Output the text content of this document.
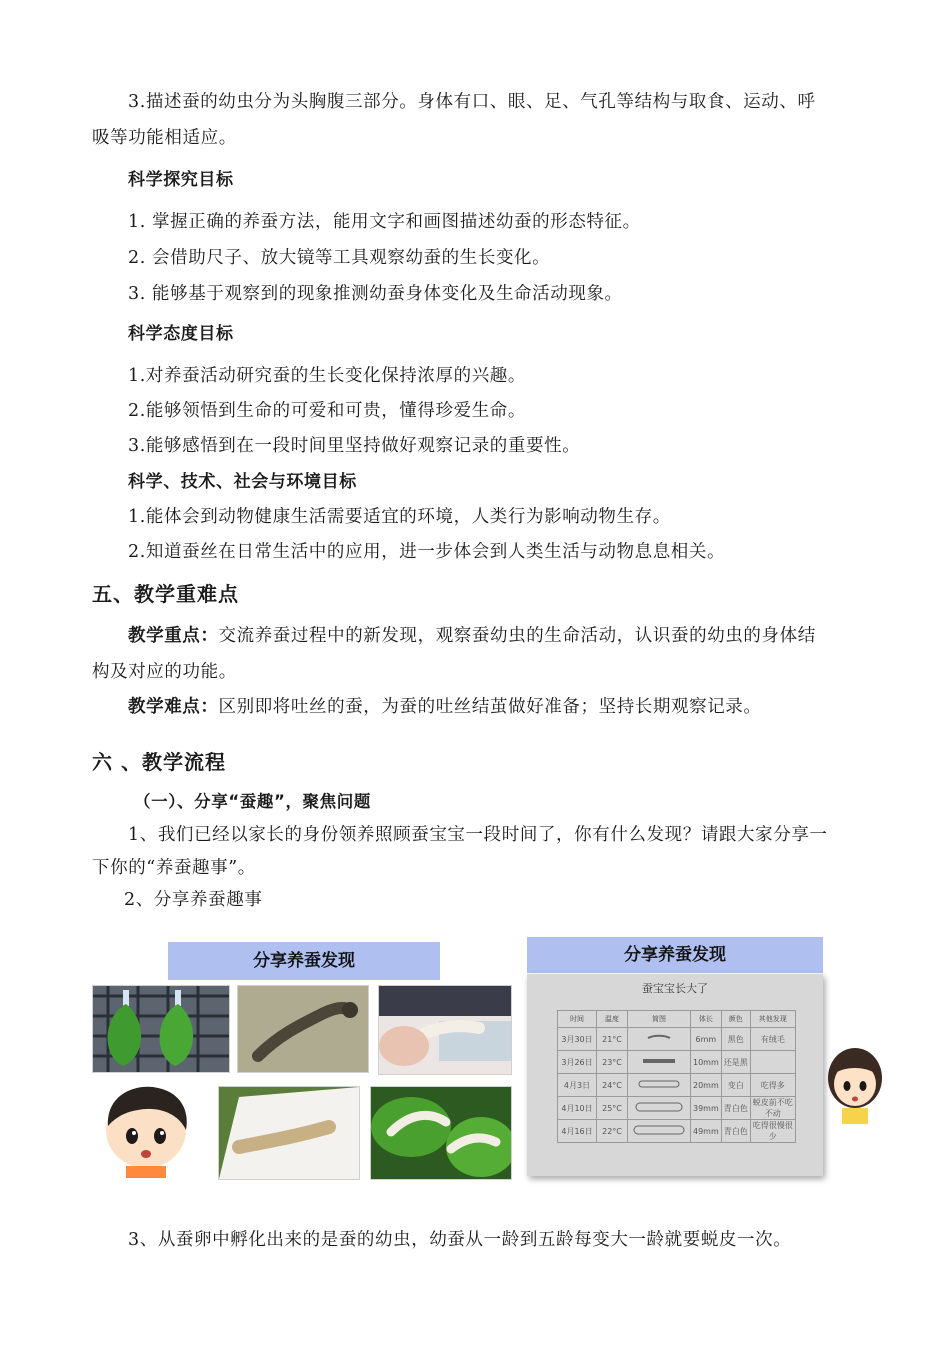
3.描述蚕的幼虫分为头胸腹三部分。身体有口、眼、足、气孔等结构与取食、运动、呼
吸等功能相适应。
科学探究目标
1. 掌握正确的养蚕方法，能用文字和画图描述幼蚕的形态特征。
2. 会借助尺子、放大镜等工具观察幼蚕的生长变化。
3. 能够基于观察到的现象推测幼蚕身体变化及生命活动现象。
科学态度目标
1.对养蚕活动研究蚕的生长变化保持浓厚的兴趣。
2.能够领悟到生命的可爱和可贵，懂得珍爱生命。
3.能够感悟到在一段时间里坚持做好观察记录的重要性。
科学、技术、社会与环境目标
1.能体会到动物健康生活需要适宜的环境，人类行为影响动物生存。
2.知道蚕丝在日常生活中的应用，进一步体会到人类生活与动物息息相关。
五、教学重难点
教学重点：交流养蚕过程中的新发现，观察蚕幼虫的生命活动，认识蚕的幼虫的身体结
构及对应的功能。
教学难点：区别即将吐丝的蚕，为蚕的吐丝结茧做好准备；坚持长期观察记录。
六 、教学流程
（一）、分享“蚕趣”，聚焦问题
1、我们已经以家长的身份领养照顾蚕宝宝一段时间了，你有什么发现？请跟大家分享一
下你的“养蚕趣事”。
2、分享养蚕趣事
分享养蚕发现	分享养蚕发现
蚕宝宝长大了
时间	温度	简图	体长	颜色	其他发现
3月30日	21°C		6mm	黑色	有绒毛
3月26日	23°C		10mm	还是黑	
4月3日	24°C		20mm	变白	吃得多
4月10日	25°C		39mm	青白色	蜕皮前不吃不动
4月16日	22°C		49mm	青白色	吃得很慢很少
3、从蚕卵中孵化出来的是蚕的幼虫，幼蚕从一龄到五龄每变大一龄就要蜕皮一次。
